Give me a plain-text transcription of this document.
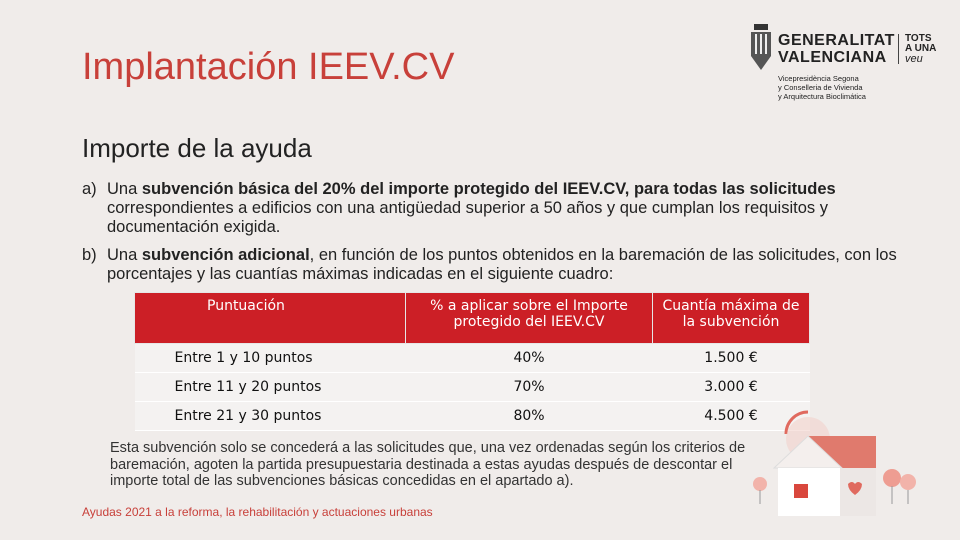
Implantación IEEV.CV
GENERALITAT
VALENCIANA
TOTS
A UNA
veu
Vicepresidència Segona
y Conselleria de Vivienda
y Arquitectura Bioclimática
Importe de la ayuda
a) Una subvención básica del 20% del importe protegido del IEEV.CV, para todas las solicitudes correspondientes a edificios con una antigüedad superior a 50 años y que cumplan los requisitos y documentación exigida.
b) Una subvención adicional, en función de los puntos obtenidos en la baremación de las solicitudes, con los porcentajes y las cuantías máximas indicadas en el siguiente cuadro:
Puntuación	% a aplicar sobre el Importe protegido del IEEV.CV	Cuantía máxima de la subvención
Entre 1 y 10 puntos	40%	1.500 €
Entre 11 y 20 puntos	70%	3.000 €
Entre 21 y 30 puntos	80%	4.500 €
Esta subvención solo se concederá a las solicitudes que, una vez ordenadas según los criterios de baremación, agoten la partida presupuestaria destinada a estas ayudas después de descontar el importe total de las subvenciones básicas concedidas en el apartado a).
Ayudas 2021 a la reforma, la rehabilitación y actuaciones urbanas
